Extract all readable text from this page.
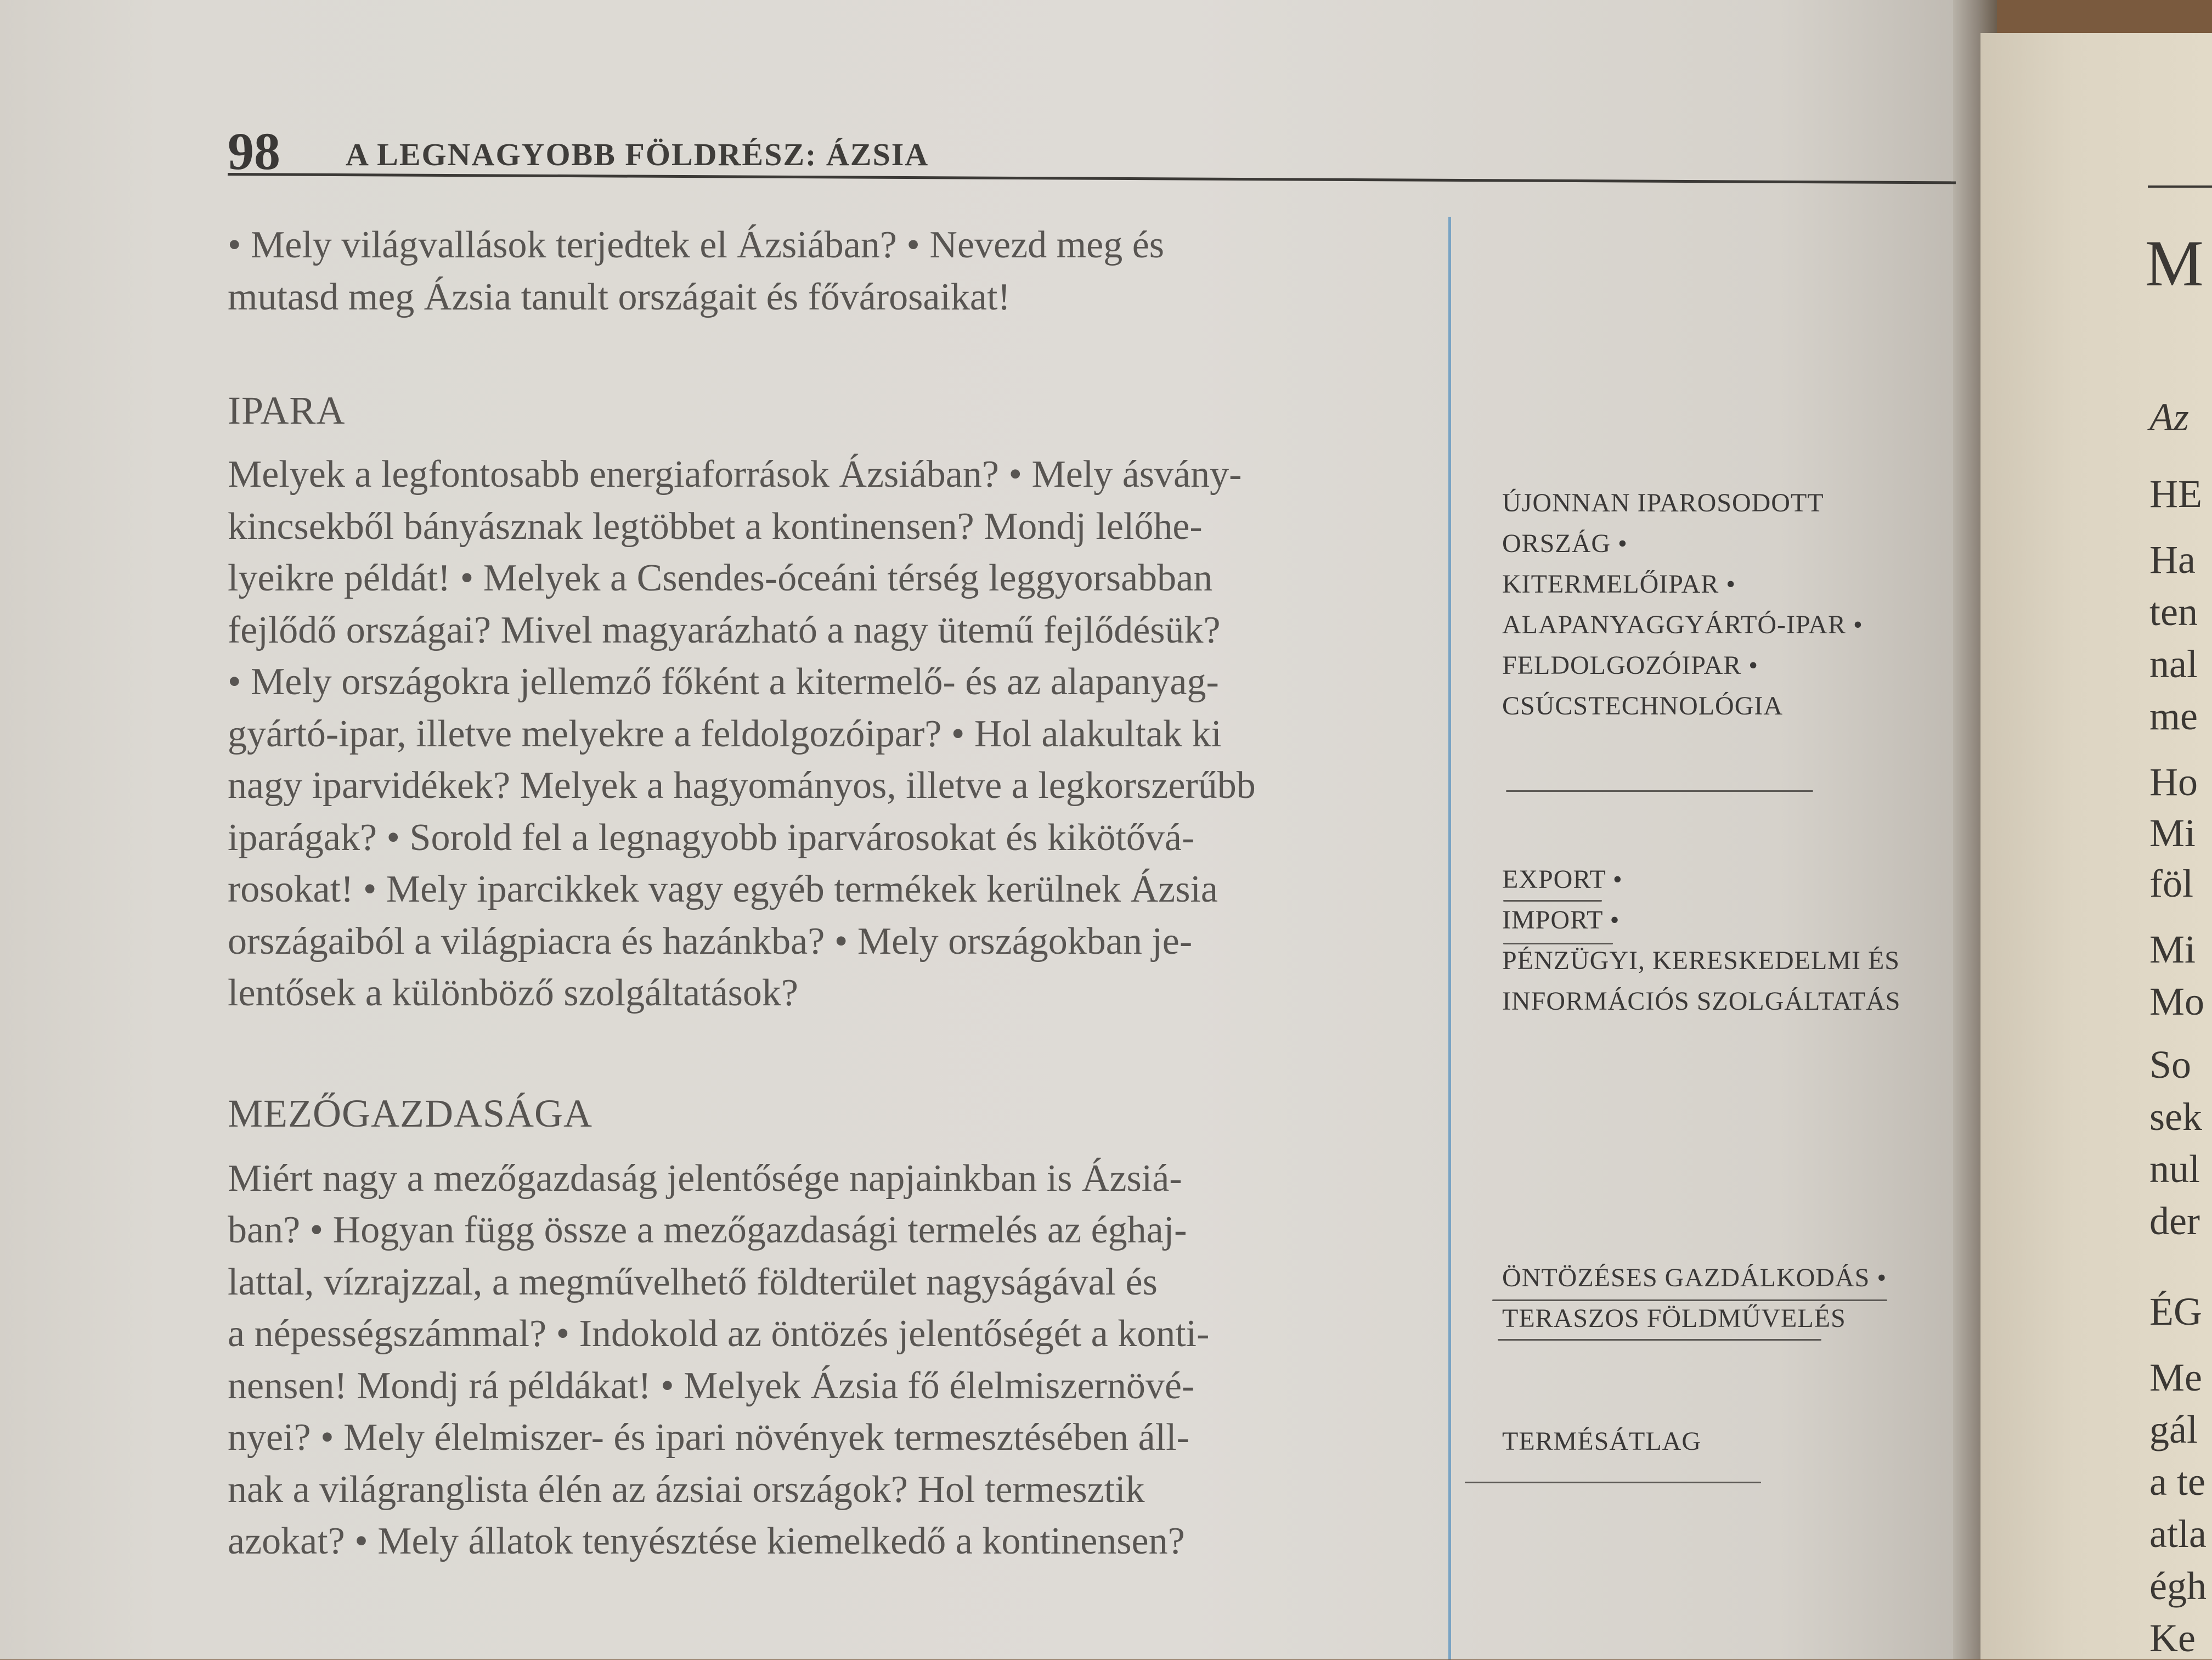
98 A LEGNAGYOBB FÖLDRÉSZ: ÁZSIA

• Mely világvallások terjedtek el Ázsiában? • Nevezd meg és

mutasd meg Ázsia tanult országait és fővárosaikat!

IPARA

Melyek a legfontosabb energiaforrások Ázsiában? • Mely ásvány-

kincsekből bányásznak legtöbbet a kontinensen? Mondj lelőhe-

lyeikre példát! • Melyek a Csendes-óceáni térség leggyorsabban

fejlődő országai? Mivel magyarázható a nagy ütemű fejlődésük?

• Mely országokra jellemző főként a kitermelő- és az alapanyag-

gyártó-ipar, illetve melyekre a feldolgozóipar? • Hol alakultak ki

nagy iparvidékek? Melyek a hagyományos, illetve a legkorszerűbb

iparágak? • Sorold fel a legnagyobb iparvárosokat és kikötővá-

rosokat! • Mely iparcikkek vagy egyéb termékek kerülnek Ázsia

országaiból a világpiacra és hazánkba? • Mely országokban je-

lentősek a különböző szolgáltatások?

MEZŐGAZDASÁGA

Miért nagy a mezőgazdaság jelentősége napjainkban is Ázsiá-

ban? • Hogyan függ össze a mezőgazdasági termelés az éghaj-

lattal, vízrajzzal, a megművelhető földterület nagyságával és

a népességszámmal? • Indokold az öntözés jelentőségét a konti-

nensen! Mondj rá példákat! • Melyek Ázsia fő élelmiszernövé-

nyei? • Mely élelmiszer- és ipari növények termesztésében áll-

nak a világranglista élén az ázsiai országok? Hol termesztik

azokat? • Mely állatok tenyésztése kiemelkedő a kontinensen?

ÚJONNAN IPAROSODOTT

ORSZÁG •

KITERMELŐIPAR •

ALAPANYAGGYÁRTÓ-IPAR •

FELDOLGOZÓIPAR •

CSÚCSTECHNOLÓGIA

EXPORT •

IMPORT •

PÉNZÜGYI, KERESKEDELMI ÉS

INFORMÁCIÓS SZOLGÁLTATÁS

ÖNTÖZÉSES GAZDÁLKODÁS •

TERASZOS FÖLDMŰVELÉS

TERMÉSÁTLAG

M
Az
HE
Ha
ten
nal
me
Ho
Mi
föl
Mi
Mo
So
sek
nul
der
ÉG
Me
gál
a te
atla
égh
Ke
